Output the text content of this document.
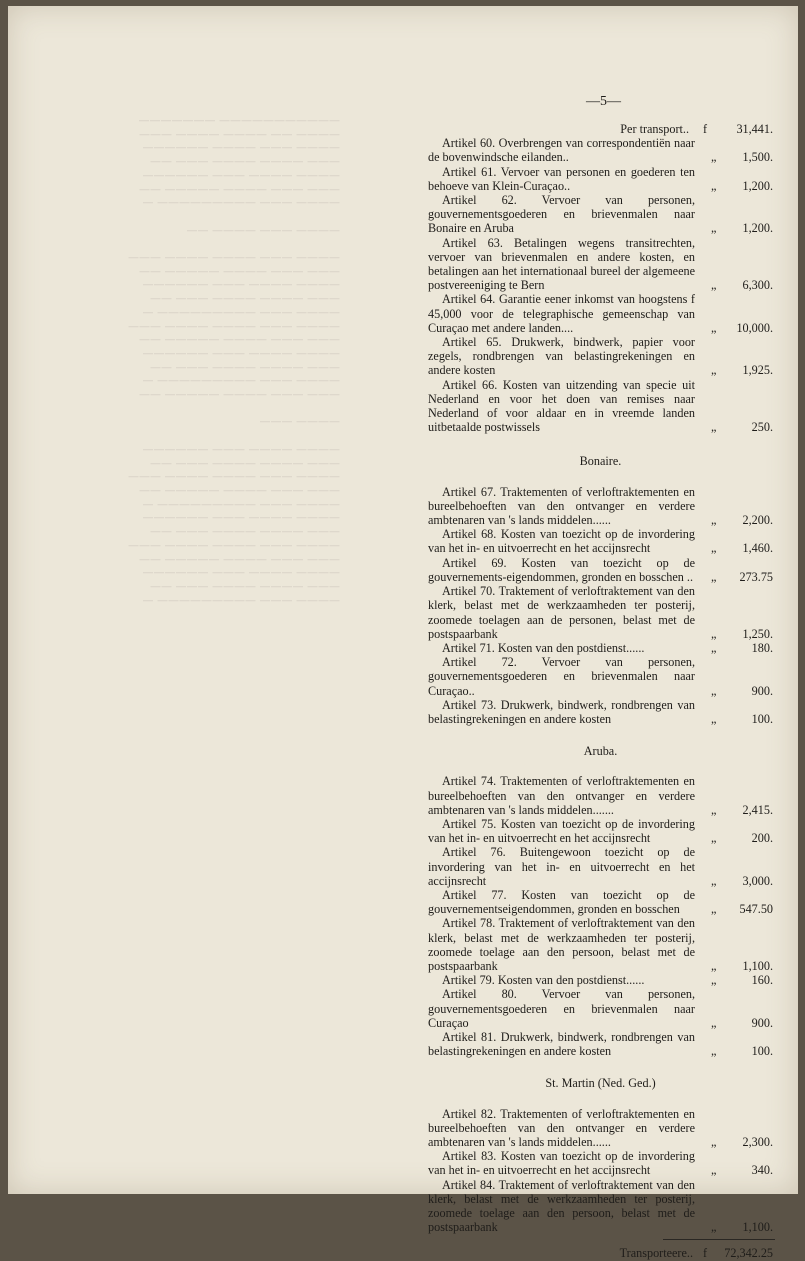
——————————— ———————
———— —— ———— ———— ———
———— ——— ———— ——————
——— ———— ———— ——— ——
———— ———— ——— ——————
——— ——— ———— ————— ——
———— ——— ————————— —

———— ——— ———— ——

———— ——— ———— ———— ———
——— ——— ———— ————— ——
———— ———— ——— ——————
——— ———— ———— ——— ——
———— ——— ————————— —
———— ——— ———— ———— ———
——— ——— ———— ————— ——
———— ———— ——— ——————
——— ———— ———— ——— ——
———— ——— ————————— —
——— ——— ———— ————— ——

———— ———

———— ———— ——— ——————
——— ———— ———— ——— ——
———— ——— ———— ———— ———
——— ——— ———— ————— ——
———— ——— ————————— —
———— ———— ——— ——————
——— ———— ———— ——— ——
———— ——— ———— ———— ———
——— ——— ———— ————— ——
———— ———— ——— ——————
——— ———— ———— ——— ——
———— ——— ————————— —
—5—
Per transport..	f	31,441.
Artikel 60. Overbrengen van correspondentiën naar de bovenwindsche eilanden..	„	1,500.
Artikel 61. Vervoer van personen en goederen ten behoeve van Klein-Curaçao..	„	1,200.
Artikel 62. Vervoer van personen, gouvernementsgoederen en brievenmalen naar Bonaire en Aruba	„	1,200.
Artikel 63. Betalingen wegens transitrechten, vervoer van brievenmalen en andere kosten, en betalingen aan het internationaal bureel der algemeene postvereeniging te Bern	„	6,300.
Artikel 64. Garantie eener inkomst van hoogstens f 45,000 voor de telegraphische gemeenschap van Curaçao met andere landen....	„	10,000.
Artikel 65. Drukwerk, bindwerk, papier voor zegels, rondbrengen van belastingrekeningen en andere kosten	„	1,925.
Artikel 66. Kosten van uitzending van specie uit Nederland en voor het doen van remises naar Nederland of voor aldaar en in vreemde landen uitbetaalde postwissels	„	250.
Bonaire.
Artikel 67. Traktementen of verloftraktementen en bureelbehoeften van den ontvanger en verdere ambtenaren van 's lands middelen......	„	2,200.
Artikel 68. Kosten van toezicht op de invordering van het in- en uitvoerrecht en het accijnsrecht	„	1,460.
Artikel 69. Kosten van toezicht op de gouvernements-eigendommen, gronden en bosschen ..	„	273.75
Artikel 70. Traktement of verloftraktement van den klerk, belast met de werkzaamheden ter posterij, zoomede toelagen aan de personen, belast met de postspaarbank	„	1,250.
Artikel 71. Kosten van den postdienst......	„	180.
Artikel 72. Vervoer van personen, gouvernementsgoederen en brievenmalen naar Curaçao..	„	900.
Artikel 73. Drukwerk, bindwerk, rondbrengen van belastingrekeningen en andere kosten	„	100.
Aruba.
Artikel 74. Traktementen of verloftraktementen en bureelbehoeften van den ontvanger en verdere ambtenaren van 's lands middelen.......	„	2,415.
Artikel 75. Kosten van toezicht op de invordering van het in- en uitvoerrecht en het accijnsrecht	„	200.
Artikel 76. Buitengewoon toezicht op de invordering van het in- en uitvoerrecht en het accijnsrecht	„	3,000.
Artikel 77. Kosten van toezicht op de gouvernementseigendommen, gronden en bosschen	„	547.50
Artikel 78. Traktement of verloftraktement van den klerk, belast met de werkzaamheden ter posterij, zoomede toelage aan den persoon, belast met de postspaarbank	„	1,100.
Artikel 79. Kosten van den postdienst......	„	160.
Artikel 80. Vervoer van personen, gouvernementsgoederen en brievenmalen naar Curaçao	„	900.
Artikel 81. Drukwerk, bindwerk, rondbrengen van belastingrekeningen en andere kosten	„	100.
St. Martin (Ned. Ged.)
Artikel 82. Traktementen of verloftraktementen en bureelbehoeften van den ontvanger en verdere ambtenaren van 's lands middelen......	„	2,300.
Artikel 83. Kosten van toezicht op de invordering van het in- en uitvoerrecht en het accijnsrecht	„	340.
Artikel 84. Traktement of verloftraktement van den klerk, belast met de werkzaamheden ter posterij, zoomede toelage aan den persoon, belast met de postspaarbank	„	1,100.
Transporteere.. f	72,342.25
